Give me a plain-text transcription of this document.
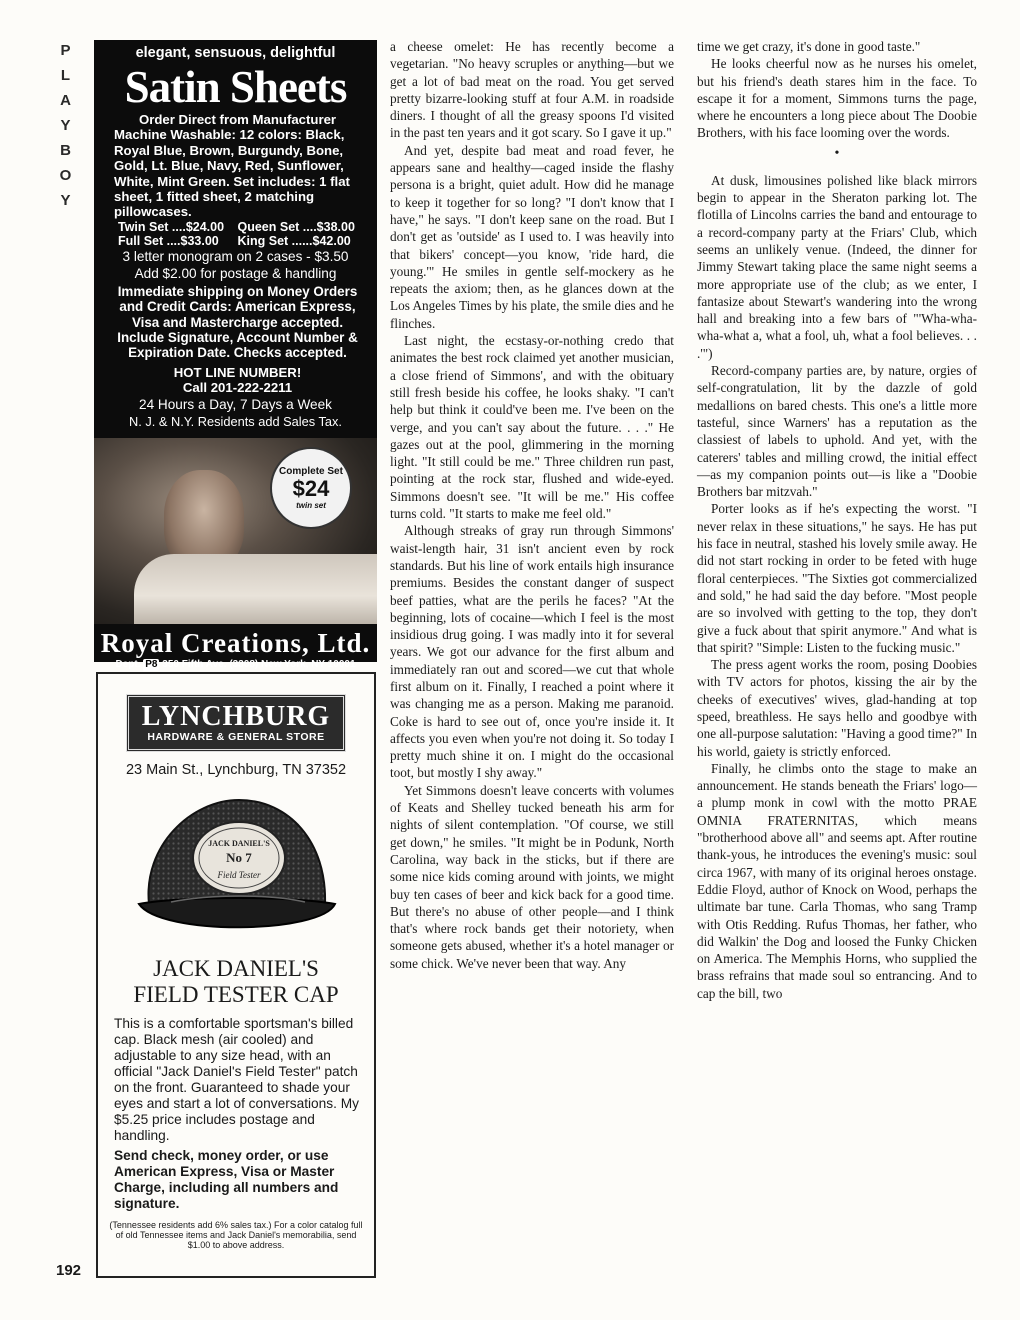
PLAYBOY
192
elegant, sensuous, delightful
Satin Sheets
Order Direct from Manufacturer
Machine Washable: 12 colors: Black, Royal Blue, Brown, Burgundy, Bone, Gold, Lt. Blue, Navy, Red, Sunflower, White, Mint Green. Set includes: 1 flat sheet, 1 fitted sheet, 2 matching pillowcases.
Twin Set ....$24.00	Queen Set ....$38.00
Full Set ....$33.00	King Set ......$42.00
3 letter monogram on 2 cases - $3.50
Add $2.00 for postage & handling
Immediate shipping on Money Orders and Credit Cards: American Express, Visa and Mastercharge accepted. Include Signature, Account Number & Expiration Date. Checks accepted.
HOT LINE NUMBER!
Call 201-222-2211
24 Hours a Day, 7 Days a Week
N. J. & N.Y. Residents add Sales Tax.
Complete Set
$24
twin set
Royal Creations, Ltd.
Dept. P8 350 Fifth Ave. (3308) New York, NY 10001
LYNCHBURG
HARDWARE & GENERAL STORE
23 Main St., Lynchburg, TN 37352
JACK DANIEL'S
No 7
Field Tester
JACK DANIEL'S
FIELD TESTER CAP
This is a comfortable sportsman's billed cap. Black mesh (air cooled) and adjustable to any size head, with an official "Jack Daniel's Field Tester" patch on the front. Guaranteed to shade your eyes and start a lot of conversations. My $5.25 price includes postage and handling.
Send check, money order, or use American Express, Visa or Master Charge, including all numbers and signature.
(Tennessee residents add 6% sales tax.) For a color catalog full of old Tennessee items and Jack Daniel's memorabilia, send $1.00 to above address.

a cheese omelet: He has recently become a vegetarian. "No heavy scruples or anything—but we get a lot of bad meat on the road. You get served pretty bizarre-looking stuff at four A.M. in roadside diners. I thought of all the greasy spoons I'd visited in the past ten years and it got scary. So I gave it up."

And yet, despite bad meat and road fever, he appears sane and healthy—caged inside the flashy persona is a bright, quiet adult. How did he manage to keep it together for so long? "I don't know that I have," he says. "I don't keep sane on the road. But I don't get as 'outside' as I used to. I was heavily into that bikers' concept—you know, 'ride hard, die young.'" He smiles in gentle self-mockery as he repeats the axiom; then, as he glances down at the Los Angeles Times by his plate, the smile dies and he flinches.

Last night, the ecstasy-or-nothing credo that animates the best rock claimed yet another musician, a close friend of Simmons', and with the obituary still fresh beside his coffee, he looks shaky. "I can't help but think it could've been me. I've been on the verge, and you can't say about the future. . . ." He gazes out at the pool, glimmering in the morning light. "It still could be me." Three children run past, pointing at the rock star, flushed and wide-eyed. Simmons doesn't see. "It will be me." His coffee turns cold. "It starts to make me feel old."

Although streaks of gray run through Simmons' waist-length hair, 31 isn't ancient even by rock standards. But his line of work entails high insurance premiums. Besides the constant danger of suspect beef patties, what are the perils he faces? "At the beginning, lots of cocaine—which I feel is the most insidious drug going. I was madly into it for several years. We got our advance for the first album and immediately ran out and scored—we cut that whole first album on it. Finally, I reached a point where it was changing me as a person. Making me paranoid. Coke is hard to see out of, once you're inside it. It affects you even when you're not doing it. So today I pretty much shine it on. I might do the occasional toot, but mostly I shy away."

Yet Simmons doesn't leave concerts with volumes of Keats and Shelley tucked beneath his arm for nights of silent contemplation. "Of course, we still get down," he smiles. "It might be in Podunk, North Carolina, way back in the sticks, but if there are some nice kids coming around with joints, we might buy ten cases of beer and kick back for a good time. But there's no abuse of other people—and I think that's where rock bands get their notoriety, when someone gets abused, whether it's a hotel manager or some chick. We've never been that way. Any

time we get crazy, it's done in good taste."

He looks cheerful now as he nurses his omelet, but his friend's death stares him in the face. To escape it for a moment, Simmons turns the page, where he encounters a long piece about The Doobie Brothers, with his face looming over the words.

•

At dusk, limousines polished like black mirrors begin to appear in the Sheraton parking lot. The flotilla of Lincolns carries the band and entourage to a record-company party at the Friars' Club, which seems an unlikely venue. (Indeed, the dinner for Jimmy Stewart taking place the same night seems a more appropriate use of the club; as we enter, I fantasize about Stewart's wandering into the wrong hall and breaking into a few bars of "'Wha-wha-wha-what a, what a fool, uh, what a fool believes. . . .'")

Record-company parties are, by nature, orgies of self-congratulation, lit by the dazzle of gold medallions on bared chests. This one's a little more tasteful, since Warners' has a reputation as the classiest of labels to uphold. And yet, with the caterers' tables and milling crowd, the initial effect—as my companion points out—is like a "Doobie Brothers bar mitzvah."

Porter looks as if he's expecting the worst. "I never relax in these situations," he says. He has put his face in neutral, stashed his lovely smile away. He did not start rocking in order to be feted with huge floral centerpieces. "The Sixties got commercialized and sold," he had said the day before. "Most people are so involved with getting to the top, they don't give a fuck about that spirit anymore." And what is that spirit? "Simple: Listen to the fucking music."

The press agent works the room, posing Doobies with TV actors for photos, kissing the air by the cheeks of executives' wives, glad-handing at top speed, breathless. He says hello and goodbye with one all-purpose salutation: "Having a good time?" In his world, gaiety is strictly enforced.

Finally, he climbs onto the stage to make an announcement. He stands beneath the Friars' logo—a plump monk in cowl with the motto PRAE OMNIA FRATERNITAS, which means "brotherhood above all" and seems apt. After routine thank-yous, he introduces the evening's music: soul circa 1967, with many of its original heroes onstage. Eddie Floyd, author of Knock on Wood, perhaps the ultimate bar tune. Carla Thomas, who sang Tramp with Otis Redding. Rufus Thomas, her father, who did Walkin' the Dog and loosed the Funky Chicken on America. The Memphis Horns, who supplied the brass refrains that made soul so entrancing. And to cap the bill, two
